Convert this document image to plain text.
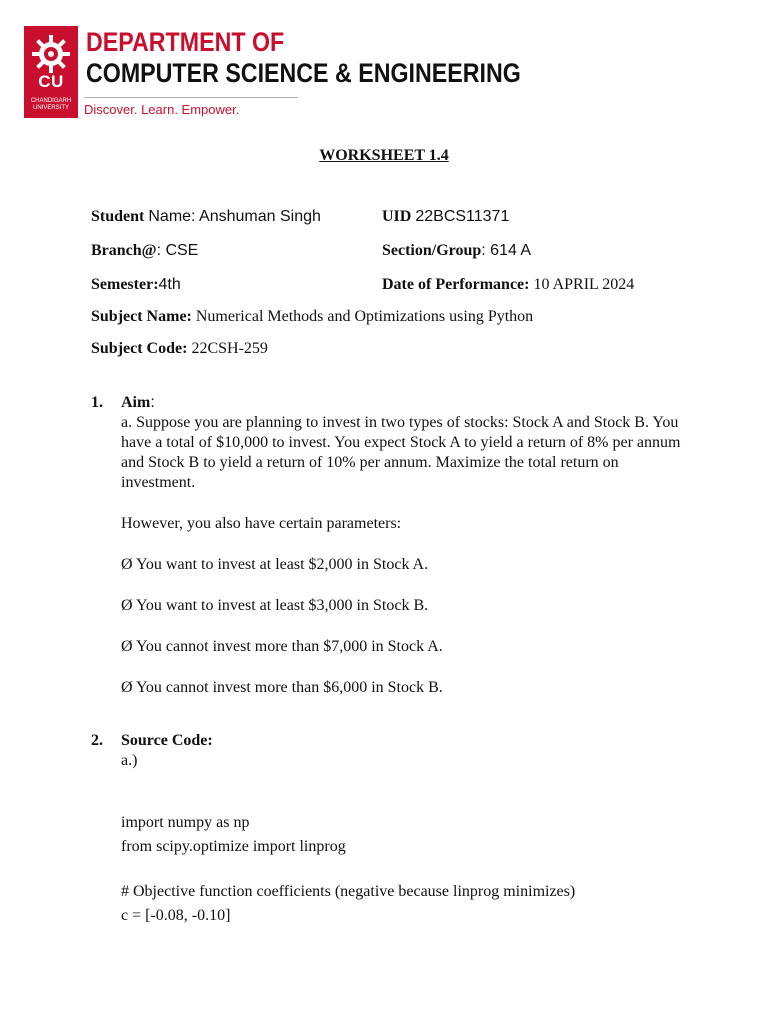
CU
CHANDIGARH UNIVERSITY
DEPARTMENT OF
COMPUTER SCIENCE & ENGINEERING
Discover. Learn. Empower.
WORKSHEET 1.4
Student Name: Anshuman Singh	UID 22BCS11371
Branch@: CSE	Section/Group: 614 A
Semester:4th	Date of Performance: 10 APRIL 2024
Subject Name: Numerical Methods and Optimizations using Python
Subject Code: 22CSH-259
1. Aim:
a. Suppose you are planning to invest in two types of stocks: Stock A and Stock B. You have a total of $10,000 to invest. You expect Stock A to yield a return of 8% per annum and Stock B to yield a return of 10% per annum. Maximize the total return on investment.
However, you also have certain parameters:
Ø You want to invest at least $2,000 in Stock A.
Ø You want to invest at least $3,000 in Stock B.
Ø You cannot invest more than $7,000 in Stock A.
Ø You cannot invest more than $6,000 in Stock B.
2. Source Code:
a.)
import numpy as np
from scipy.optimize import linprog
# Objective function coefficients (negative because linprog minimizes)
c = [-0.08, -0.10]
